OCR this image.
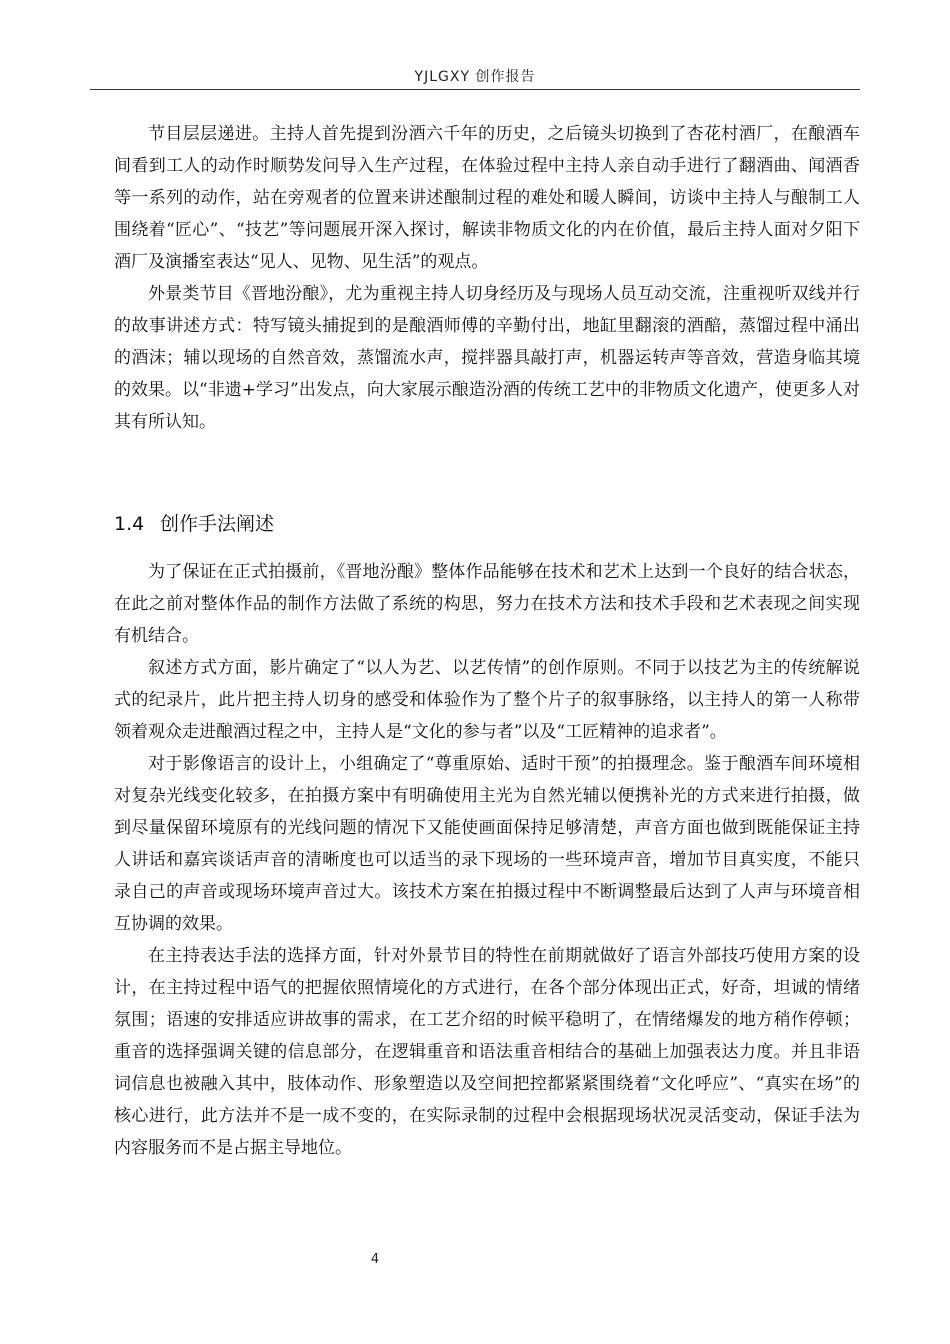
YJLGXY 创作报告

节目层层递进。主持人首先提到汾酒六千年的历史，之后镜头切换到了杏花村酒厂，在酿酒车间看到工人的动作时顺势发问导入生产过程，在体验过程中主持人亲自动手进行了翻酒曲、闻酒香等一系列的动作，站在旁观者的位置来讲述酿制过程的难处和暖人瞬间，访谈中主持人与酿制工人围绕着“匠心”、“技艺”等问题展开深入探讨，解读非物质文化的内在价值，最后主持人面对夕阳下酒厂及演播室表达“见人、见物、见生活”的观点。

外景类节目《晋地汾酿》，尤为重视主持人切身经历及与现场人员互动交流，注重视听双线并行的故事讲述方式：特写镜头捕捉到的是酿酒师傅的辛勤付出，地缸里翻滚的酒醅，蒸馏过程中涌出的酒沫；辅以现场的自然音效，蒸馏流水声，搅拌器具敲打声，机器运转声等音效，营造身临其境的效果。以“非遗+学习”出发点，向大家展示酿造汾酒的传统工艺中的非物质文化遗产，使更多人对其有所认知。

1.4 创作手法阐述

为了保证在正式拍摄前，《晋地汾酿》整体作品能够在技术和艺术上达到一个良好的结合状态，在此之前对整体作品的制作方法做了系统的构思，努力在技术方法和技术手段和艺术表现之间实现有机结合。

叙述方式方面，影片确定了“以人为艺、以艺传情”的创作原则。不同于以技艺为主的传统解说式的纪录片，此片把主持人切身的感受和体验作为了整个片子的叙事脉络，以主持人的第一人称带领着观众走进酿酒过程之中，主持人是“文化的参与者”以及“工匠精神的追求者”。

对于影像语言的设计上，小组确定了“尊重原始、适时干预”的拍摄理念。鉴于酿酒车间环境相对复杂光线变化较多，在拍摄方案中有明确使用主光为自然光辅以便携补光的方式来进行拍摄，做到尽量保留环境原有的光线问题的情况下又能使画面保持足够清楚，声音方面也做到既能保证主持人讲话和嘉宾谈话声音的清晰度也可以适当的录下现场的一些环境声音，增加节目真实度，不能只录自己的声音或现场环境声音过大。该技术方案在拍摄过程中不断调整最后达到了人声与环境音相互协调的效果。

在主持表达手法的选择方面，针对外景节目的特性在前期就做好了语言外部技巧使用方案的设计，在主持过程中语气的把握依照情境化的方式进行，在各个部分体现出正式，好奇，坦诚的情绪氛围；语速的安排适应讲故事的需求，在工艺介绍的时候平稳明了，在情绪爆发的地方稍作停顿；重音的选择强调关键的信息部分，在逻辑重音和语法重音相结合的基础上加强表达力度。并且非语词信息也被融入其中，肢体动作、形象塑造以及空间把控都紧紧围绕着“文化呼应”、“真实在场”的核心进行，此方法并不是一成不变的，在实际录制的过程中会根据现场状况灵活变动，保证手法为内容服务而不是占据主导地位。

4
